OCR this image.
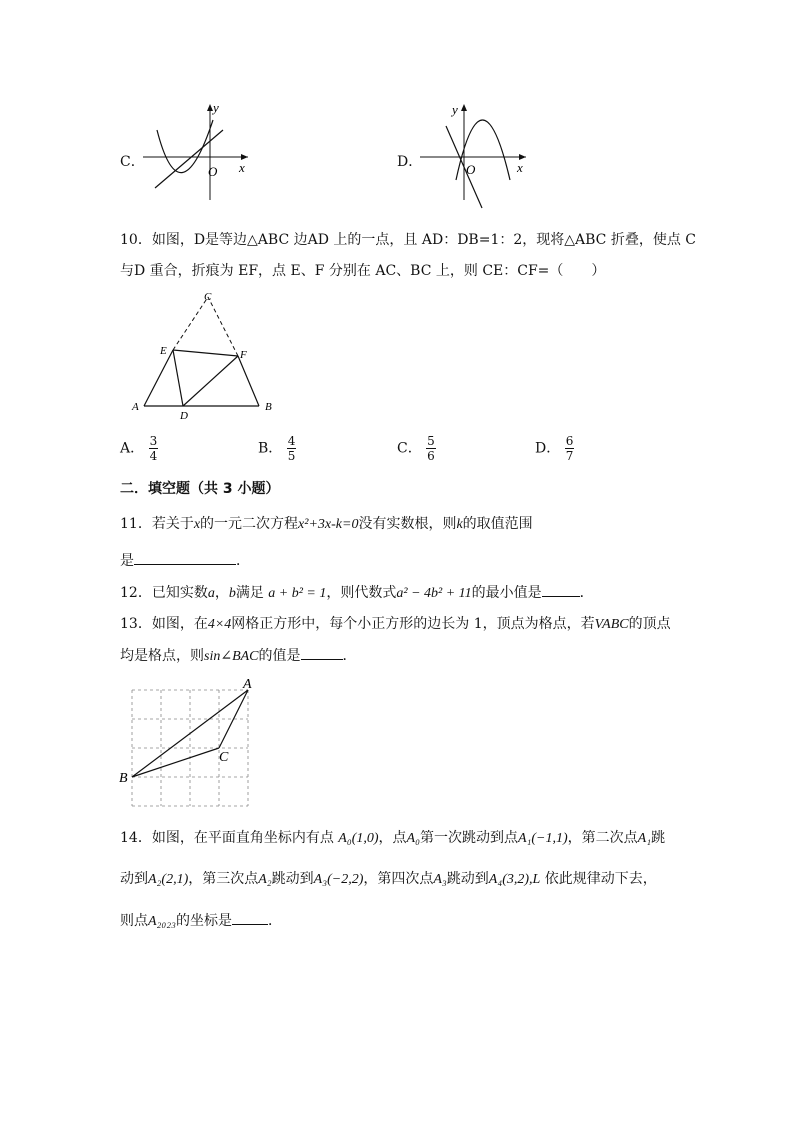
C．
y
x
O
D．
y
x
O
10．如图，D是等边△ABC 边AD 上的一点，且 AD：DB=1：2，现将△ABC 折叠，使点 C
与D 重合，折痕为 EF，点 E、F 分别在 AC、BC 上，则 CE：CF=（　　）
C
E	F
A	B
D
A． $\frac{3}{4}$	B． $\frac{4}{5}$	C． $\frac{5}{6}$	D． $\frac{6}{7}$
二．填空题（共 3 小题）
11．若关于x的一元二次方程x²+3x-k=0没有实数根，则k的取值范围
是	．
12．已知实数a，b满足 a + b² = 1，则代数式a² − 4b² + 11的最小值是	．
13．如图，在4×4网格正方形中，每个小正方形的边长为 1，顶点为格点，若VABC的顶点
均是格点，则sin∠BAC的值是	．
A
B
C
14．如图，在平面直角坐标内有点 A₀(1,0)，点A₀第一次跳动到点A₁(−1,1)，第二次点A₁跳
动到A₂(2,1)，第三次点A₂跳动到A₃(−2,2)，第四次点A₃跳动到A₄(3,2),L 依此规律动下去，
则点A₂₀₂₃的坐标是	．
